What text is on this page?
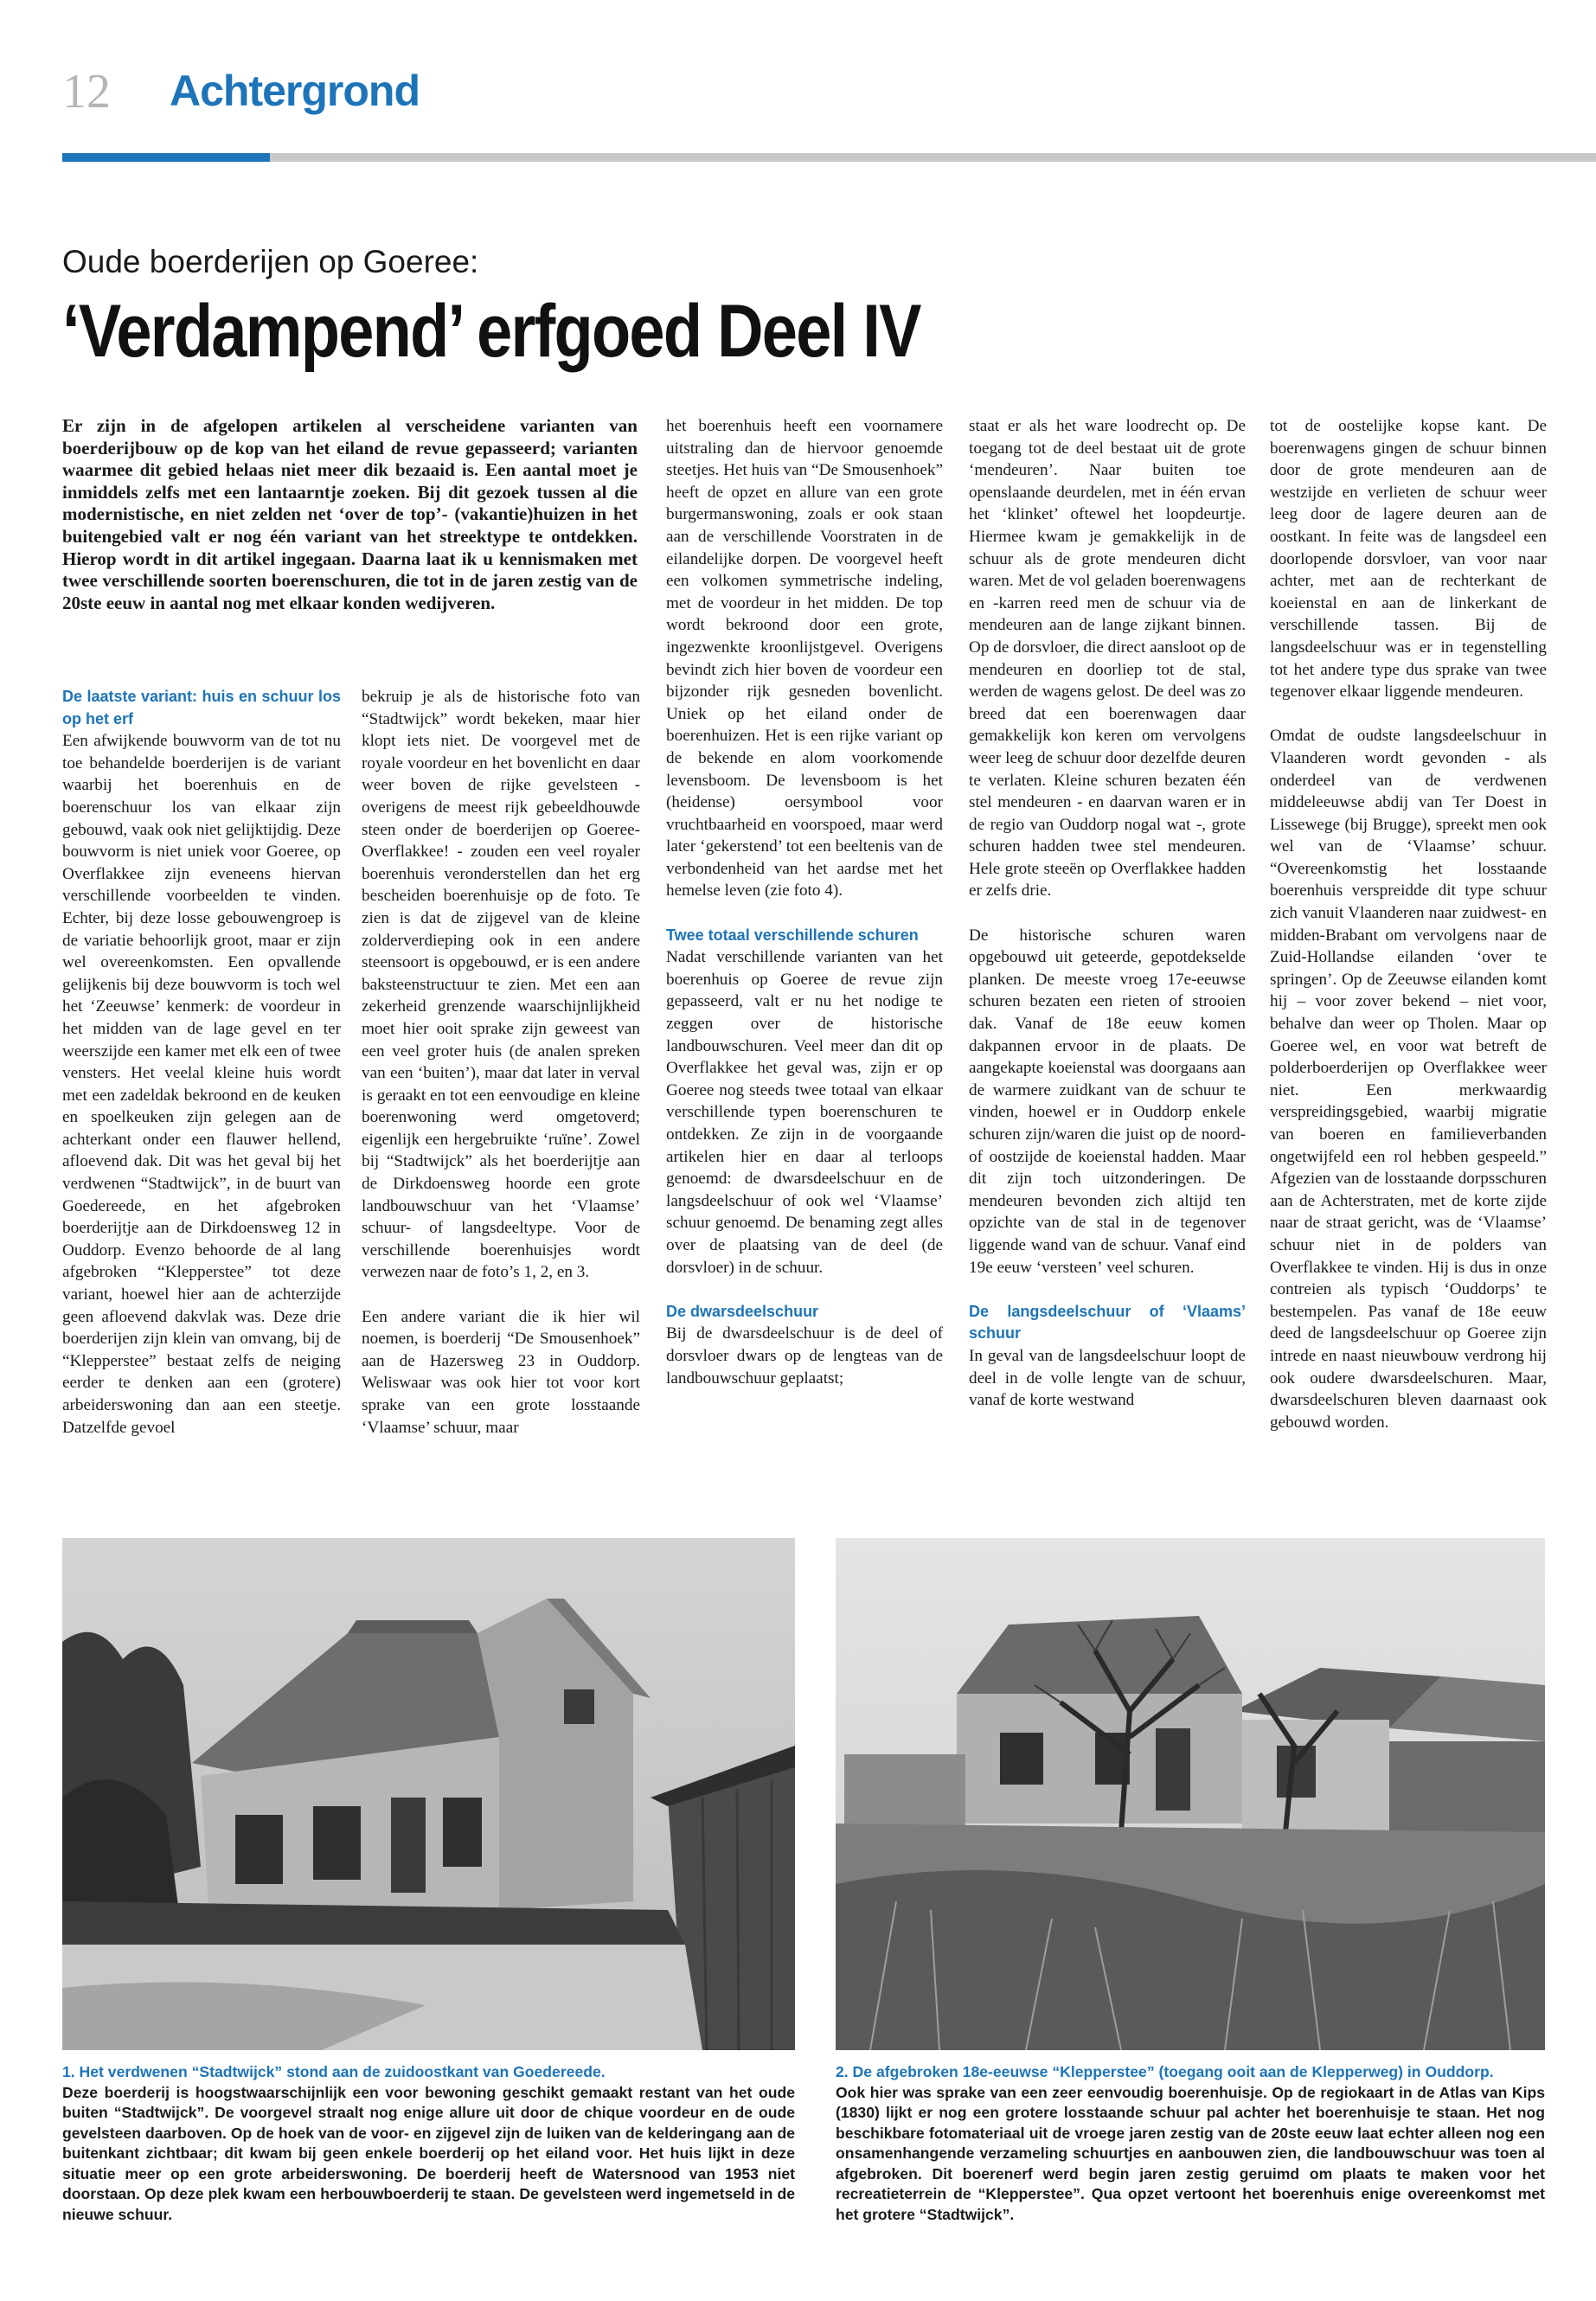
12 Achtergrond
Oude boerderijen op Goeree:
‘Verdampend’ erfgoed Deel IV

Er zijn in de afgelopen artikelen al verscheidene varianten van boerderijbouw op de kop van het eiland de revue gepasseerd; varianten waarmee dit gebied helaas niet meer dik bezaaid is. Een aantal moet je inmiddels zelfs met een lantaarntje zoeken. Bij dit gezoek tussen al die modernistische, en niet zelden net ‘over de top’- (vakantie)huizen in het buitengebied valt er nog één variant van het streektype te ontdekken. Hierop wordt in dit artikel ingegaan. Daarna laat ik u kennismaken met twee verschillende soorten boerenschuren, die tot in de jaren zestig van de 20ste eeuw in aantal nog met elkaar konden wedijveren.

De laatste variant: huis en schuur los op het erf

Een afwijkende bouwvorm van de tot nu toe behandelde boerderijen is de variant waarbij het boerenhuis en de boerenschuur los van elkaar zijn gebouwd, vaak ook niet gelijktijdig. Deze bouwvorm is niet uniek voor Goeree, op Overflakkee zijn eveneens hiervan verschillende voorbeelden te vinden. Echter, bij deze losse gebouwengroep is de variatie behoorlijk groot, maar er zijn wel overeenkomsten. Een opvallende gelijkenis bij deze bouwvorm is toch wel het ‘Zeeuwse’ kenmerk: de voordeur in het midden van de lage gevel en ter weerszijde een kamer met elk een of twee vensters. Het veelal kleine huis wordt met een zadeldak bekroond en de keuken en spoelkeuken zijn gelegen aan de achterkant onder een flauwer hellend, afloevend dak. Dit was het geval bij het verdwenen “Stadtwijck”, in de buurt van Goedereede, en het afgebroken boerderijtje aan de Dirkdoensweg 12 in Ouddorp. Evenzo behoorde de al lang afgebroken “Klepperstee” tot deze variant, hoewel hier aan de achterzijde geen afloevend dakvlak was. Deze drie boerderijen zijn klein van omvang, bij de “Klepperstee” bestaat zelfs de neiging eerder te denken aan een (grotere) arbeiderswoning dan aan een steetje. Datzelfde gevoel

bekruip je als de historische foto van “Stadtwijck” wordt bekeken, maar hier klopt iets niet. De voorgevel met de royale voordeur en het bovenlicht en daar weer boven de rijke gevelsteen - overigens de meest rijk gebeeldhouwde steen onder de boerderijen op Goeree-Overflakkee! - zouden een veel royaler boerenhuis veronderstellen dan het erg bescheiden boerenhuisje op de foto. Te zien is dat de zijgevel van de kleine zolderverdieping ook in een andere steensoort is opgebouwd, er is een andere baksteenstructuur te zien. Met een aan zekerheid grenzende waarschijnlijkheid moet hier ooit sprake zijn geweest van een veel groter huis (de analen spreken van een ‘buiten’), maar dat later in verval is geraakt en tot een eenvoudige en kleine boerenwoning werd omgetoverd; eigenlijk een hergebruikte ‘ruïne’. Zowel bij “Stadtwijck” als het boerderijtje aan de Dirkdoensweg hoorde een grote landbouwschuur van het ‘Vlaamse’ schuur- of langsdeeltype. Voor de verschillende boerenhuisjes wordt verwezen naar de foto’s 1, 2, en 3.

Een andere variant die ik hier wil noemen, is boerderij “De Smousenhoek” aan de Hazersweg 23 in Ouddorp. Weliswaar was ook hier tot voor kort sprake van een grote losstaande ‘Vlaamse’ schuur, maar

het boerenhuis heeft een voornamere uitstraling dan de hiervoor genoemde steetjes. Het huis van “De Smousenhoek” heeft de opzet en allure van een grote burgermanswoning, zoals er ook staan aan de verschillende Voorstraten in de eilandelijke dorpen. De voorgevel heeft een volkomen symmetrische indeling, met de voordeur in het midden. De top wordt bekroond door een grote, ingezwenkte kroonlijstgevel. Overigens bevindt zich hier boven de voordeur een bijzonder rijk gesneden bovenlicht. Uniek op het eiland onder de boerenhuizen. Het is een rijke variant op de bekende en alom voorkomende levensboom. De levensboom is het (heidense) oersymbool voor vruchtbaarheid en voorspoed, maar werd later ‘gekerstend’ tot een beeltenis van de verbondenheid van het aardse met het hemelse leven (zie foto 4).

Twee totaal verschillende schuren

Nadat verschillende varianten van het boerenhuis op Goeree de revue zijn gepasseerd, valt er nu het nodige te zeggen over de historische landbouwschuren. Veel meer dan dit op Overflakkee het geval was, zijn er op Goeree nog steeds twee totaal van elkaar verschillende typen boerenschuren te ontdekken. Ze zijn in de voorgaande artikelen hier en daar al terloops genoemd: de dwarsdeelschuur en de langsdeelschuur of ook wel ‘Vlaamse’ schuur genoemd. De benaming zegt alles over de plaatsing van de deel (de dorsvloer) in de schuur.

De dwarsdeelschuur

Bij de dwarsdeelschuur is de deel of dorsvloer dwars op de lengteas van de landbouwschuur geplaatst;

staat er als het ware loodrecht op. De toegang tot de deel bestaat uit de grote ‘mendeuren’. Naar buiten toe openslaande deurdelen, met in één ervan het ‘klinket’ oftewel het loopdeurtje. Hiermee kwam je gemakkelijk in de schuur als de grote mendeuren dicht waren. Met de vol geladen boerenwagens en -karren reed men de schuur via de mendeuren aan de lange zijkant binnen. Op de dorsvloer, die direct aansloot op de mendeuren en doorliep tot de stal, werden de wagens gelost. De deel was zo breed dat een boerenwagen daar gemakkelijk kon keren om vervolgens weer leeg de schuur door dezelfde deuren te verlaten. Kleine schuren bezaten één stel mendeuren - en daarvan waren er in de regio van Ouddorp nogal wat -, grote schuren hadden twee stel mendeuren. Hele grote steeën op Overflakkee hadden er zelfs drie.

De historische schuren waren opgebouwd uit geteerde, gepotdekselde planken. De meeste vroeg 17e-eeuwse schuren bezaten een rieten of strooien dak. Vanaf de 18e eeuw komen dakpannen ervoor in de plaats. De aangekapte koeienstal was doorgaans aan de warmere zuidkant van de schuur te vinden, hoewel er in Ouddorp enkele schuren zijn/waren die juist op de noord- of oostzijde de koeienstal hadden. Maar dit zijn toch uitzonderingen. De mendeuren bevonden zich altijd ten opzichte van de stal in de tegenover liggende wand van de schuur. Vanaf eind 19e eeuw ‘versteenʼ veel schuren.

De langsdeelschuur of ‘Vlaams’ schuur

In geval van de langsdeelschuur loopt de deel in de volle lengte van de schuur, vanaf de korte westwand

tot de oostelijke kopse kant. De boerenwagens gingen de schuur binnen door de grote mendeuren aan de westzijde en verlieten de schuur weer leeg door de lagere deuren aan de oostkant. In feite was de langsdeel een doorlopende dorsvloer, van voor naar achter, met aan de rechterkant de koeienstal en aan de linkerkant de verschillende tassen. Bij de langsdeelschuur was er in tegenstelling tot het andere type dus sprake van twee tegenover elkaar liggende mendeuren.

Omdat de oudste langsdeelschuur in Vlaanderen wordt gevonden - als onderdeel van de verdwenen middeleeuwse abdij van Ter Doest in Lissewege (bij Brugge), spreekt men ook wel van de ‘Vlaamse’ schuur. “Overeenkomstig het losstaande boerenhuis verspreidde dit type schuur zich vanuit Vlaanderen naar zuidwest- en midden-Brabant om vervolgens naar de Zuid-Hollandse eilanden ‘over te springen’. Op de Zeeuwse eilanden komt hij – voor zover bekend – niet voor, behalve dan weer op Tholen. Maar op Goeree wel, en voor wat betreft de polderboerderijen op Overflakkee weer niet. Een merkwaardig verspreidingsgebied, waarbij migratie van boeren en familieverbanden ongetwijfeld een rol hebben gespeeld.” Afgezien van de losstaande dorpsschuren aan de Achterstraten, met de korte zijde naar de straat gericht, was de ‘Vlaamse’ schuur niet in de polders van Overflakkee te vinden. Hij is dus in onze contreien als typisch ‘Ouddorps’ te bestempelen. Pas vanaf de 18e eeuw deed de langsdeelschuur op Goeree zijn intrede en naast nieuwbouw verdrong hij ook oudere dwarsdeelschuren. Maar, dwarsdeelschuren bleven daarnaast ook gebouwd worden.

1. Het verdwenen “Stadtwijck” stond aan de zuidoostkant van Goedereede.
Deze boerderij is hoogstwaarschijnlijk een voor bewoning geschikt gemaakt restant van het oude buiten “Stadtwijck”. De voorgevel straalt nog enige allure uit door de chique voordeur en de oude gevelsteen daarboven. Op de hoek van de voor- en zijgevel zijn de luiken van de kelderingang aan de buitenkant zichtbaar; dit kwam bij geen enkele boerderij op het eiland voor. Het huis lijkt in deze situatie meer op een grote arbeiderswoning. De boerderij heeft de Watersnood van 1953 niet doorstaan. Op deze plek kwam een herbouwboerderij te staan. De gevelsteen werd ingemetseld in de nieuwe schuur.
2. De afgebroken 18e-eeuwse “Klepperstee” (toegang ooit aan de Klepperweg) in Ouddorp.
Ook hier was sprake van een zeer eenvoudig boerenhuisje. Op de regiokaart in de Atlas van Kips (1830) lijkt er nog een grotere losstaande schuur pal achter het boerenhuisje te staan. Het nog beschikbare fotomateriaal uit de vroege jaren zestig van de 20ste eeuw laat echter alleen nog een onsamenhangende verzameling schuurtjes en aanbouwen zien, die landbouwschuur was toen al afgebroken. Dit boerenerf werd begin jaren zestig geruimd om plaats te maken voor het recreatieterrein de “Klepperstee”. Qua opzet vertoont het boerenhuis enige overeenkomst met het grotere “Stadtwijck”.
